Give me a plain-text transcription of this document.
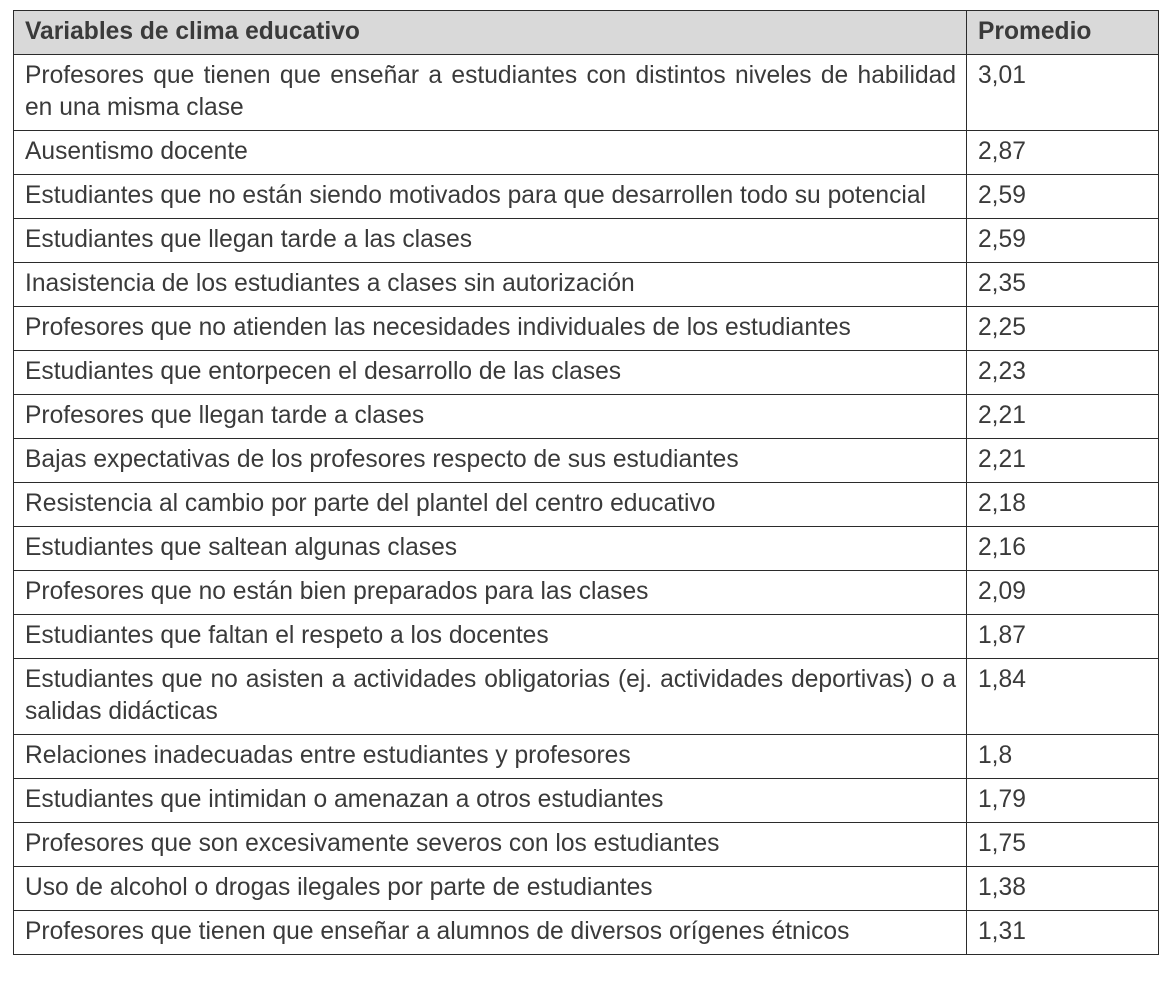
Variables de clima educativo	Promedio
Profesores que tienen que enseñar a estudiantes con distintos niveles de habilidad en una misma clase	3,01
Ausentismo docente	2,87
Estudiantes que no están siendo motivados para que desarrollen todo su potencial	2,59
Estudiantes que llegan tarde a las clases	2,59
Inasistencia de los estudiantes a clases sin autorización	2,35
Profesores que no atienden las necesidades individuales de los estudiantes	2,25
Estudiantes que entorpecen el desarrollo de las clases	2,23
Profesores que llegan tarde a clases	2,21
Bajas expectativas de los profesores respecto de sus estudiantes	2,21
Resistencia al cambio por parte del plantel del centro educativo	2,18
Estudiantes que saltean algunas clases	2,16
Profesores que no están bien preparados para las clases	2,09
Estudiantes que faltan el respeto a los docentes	1,87
Estudiantes que no asisten a actividades obligatorias (ej. actividades deportivas) o a salidas didácticas	1,84
Relaciones inadecuadas entre estudiantes y profesores	1,8
Estudiantes que intimidan o amenazan a otros estudiantes	1,79
Profesores que son excesivamente severos con los estudiantes	1,75
Uso de alcohol o drogas ilegales por parte de estudiantes	1,38
Profesores que tienen que enseñar a alumnos de diversos orígenes étnicos	1,31
